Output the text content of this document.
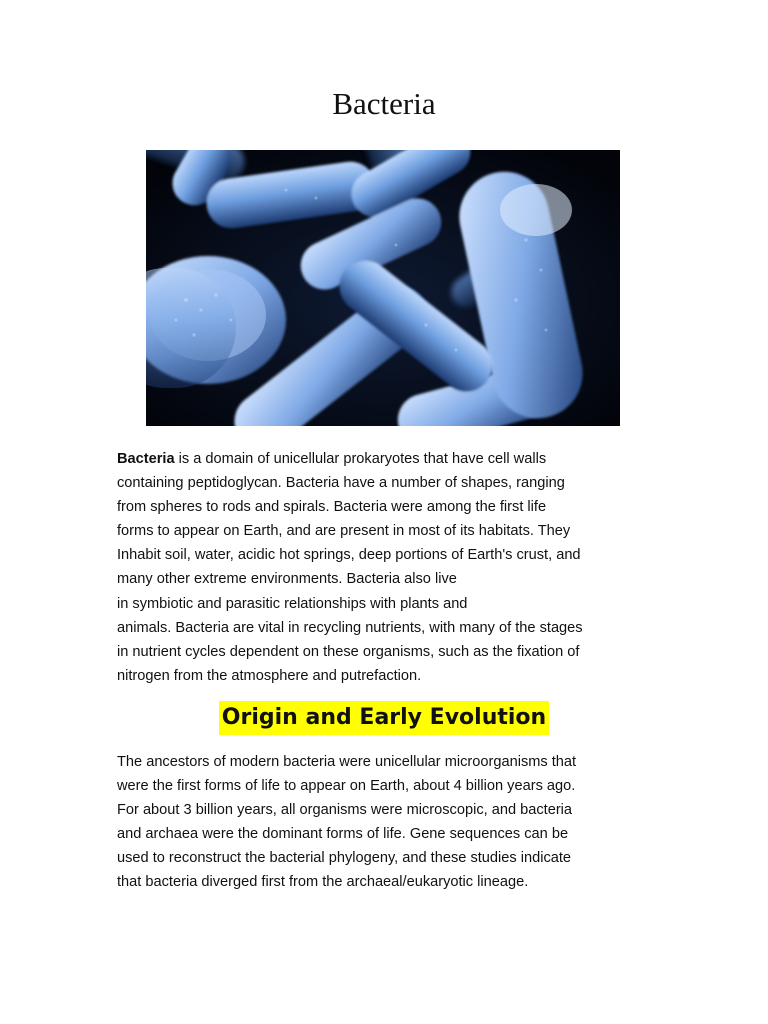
Bacteria

Bacteria is a domain of unicellular prokaryotes that have cell walls
containing peptidoglycan. Bacteria have a number of shapes, ranging
from spheres to rods and spirals. Bacteria were among the first life
forms to appear on Earth, and are present in most of its habitats. They
Inhabit soil, water, acidic hot springs, deep portions of Earth's crust, and
many other extreme environments. Bacteria also live
in symbiotic and parasitic relationships with plants and
animals. Bacteria are vital in recycling nutrients, with many of the stages
in nutrient cycles dependent on these organisms, such as the fixation of
nitrogen from the atmosphere and putrefaction.

Origin and Early Evolution

The ancestors of modern bacteria were unicellular microorganisms that
were the first forms of life to appear on Earth, about 4 billion years ago.
For about 3 billion years, all organisms were microscopic, and bacteria
and archaea were the dominant forms of life. Gene sequences can be
used to reconstruct the bacterial phylogeny, and these studies indicate
that bacteria diverged first from the archaeal/eukaryotic lineage.
